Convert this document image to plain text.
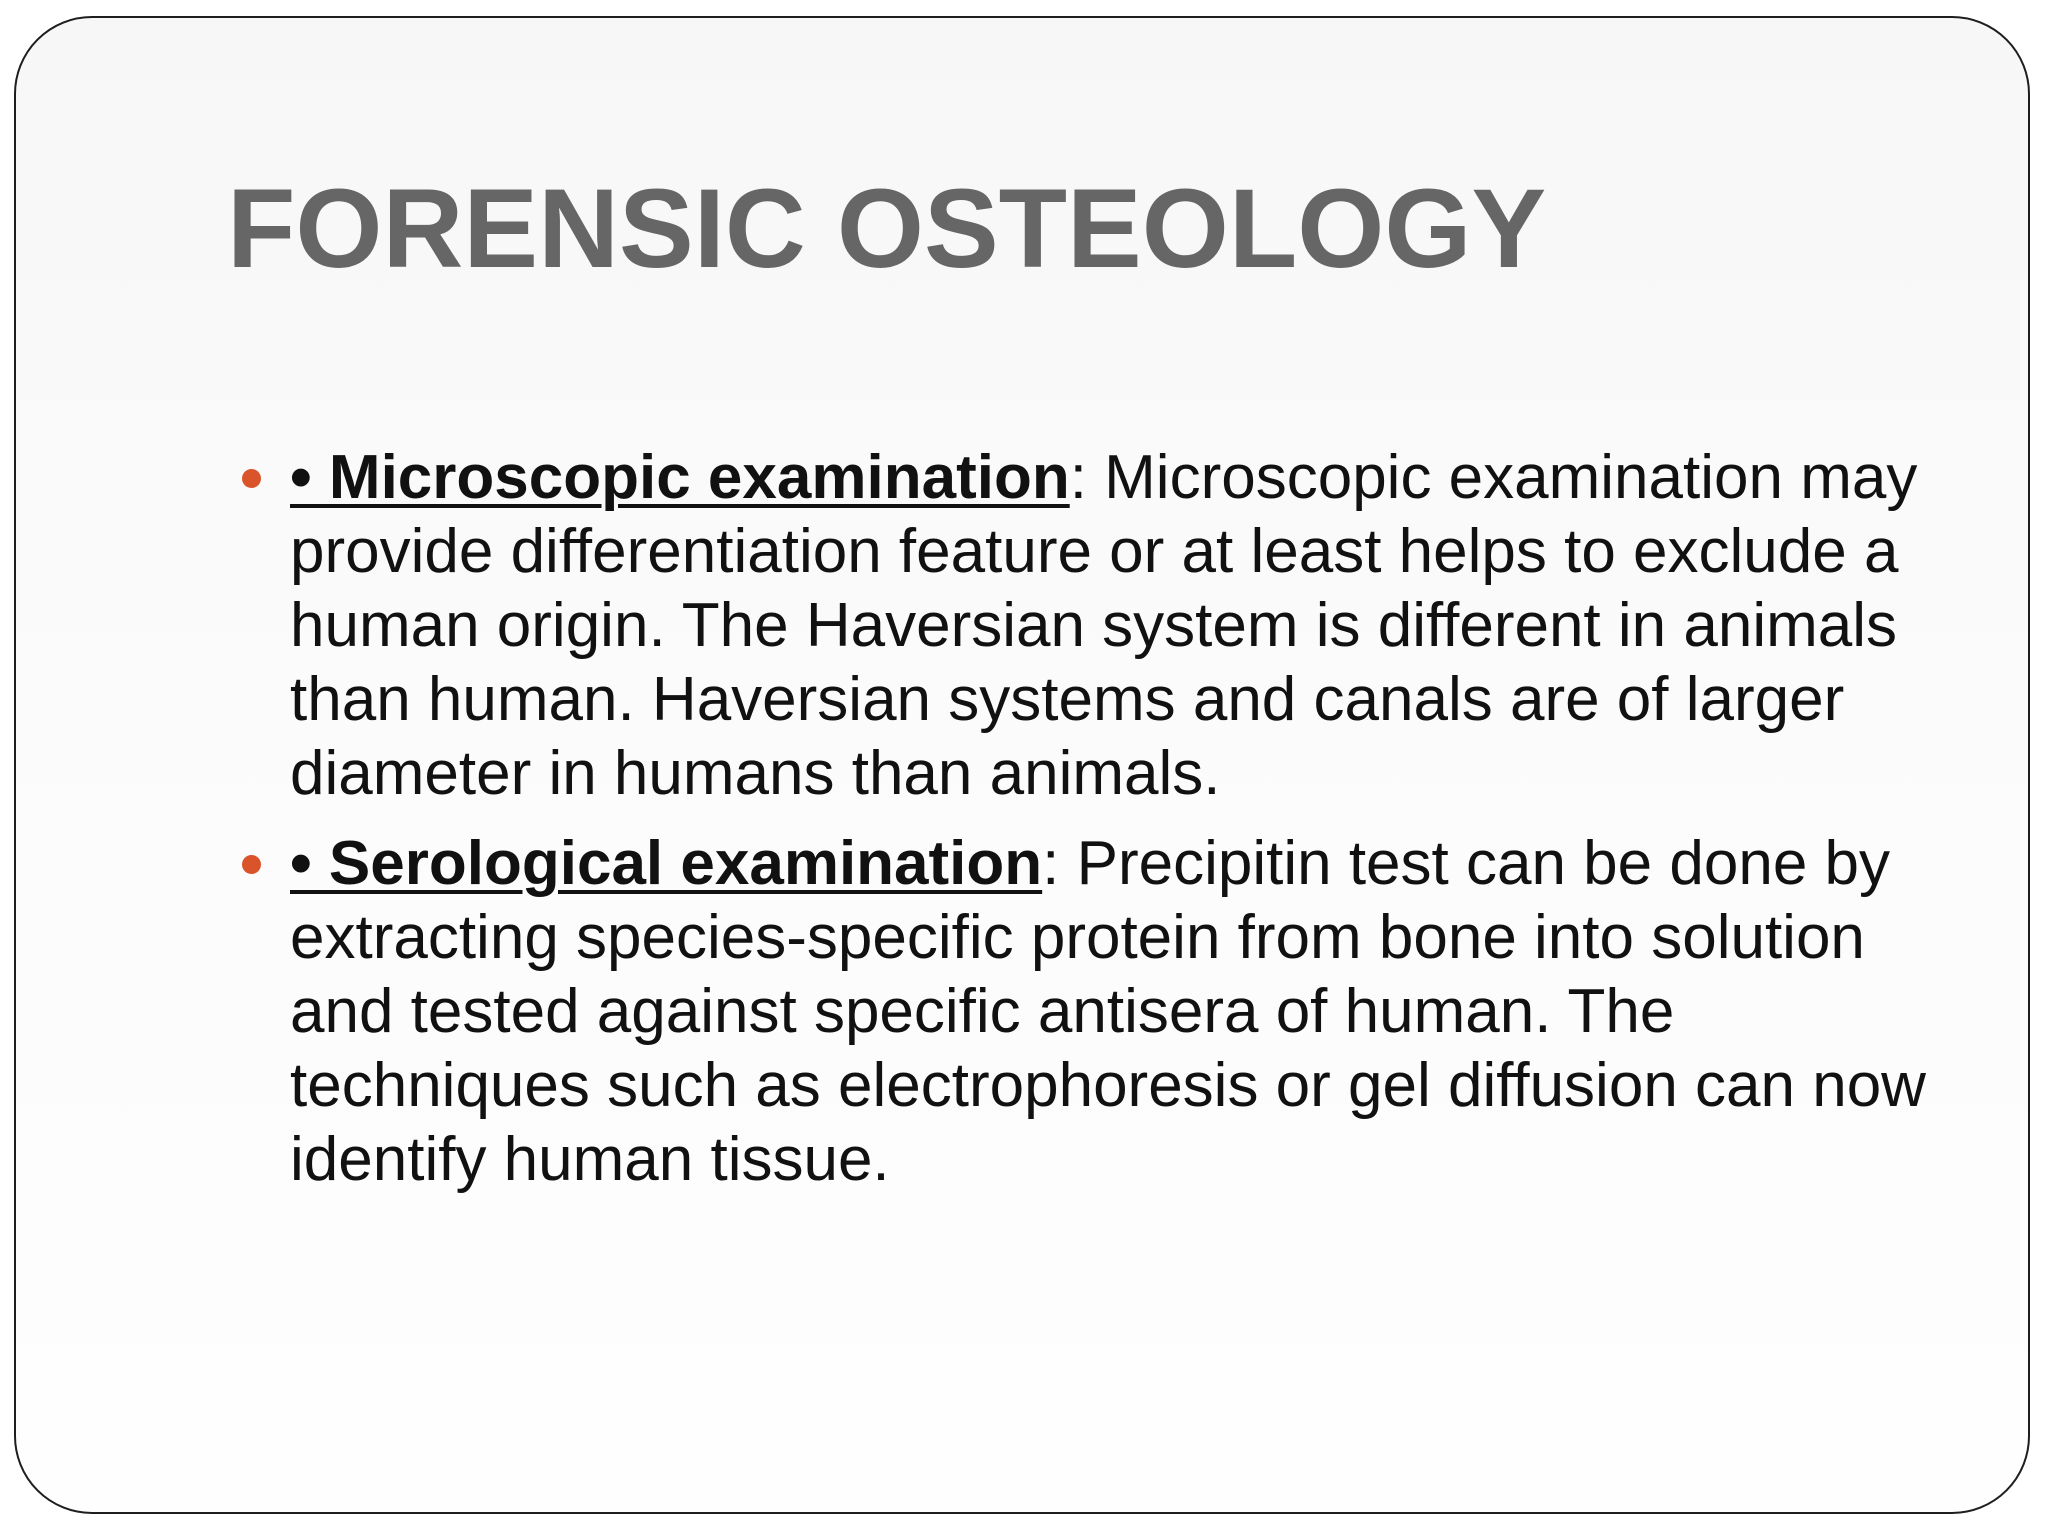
FORENSIC OSTEOLOGY
• Microscopic examination: Microscopic examination may provide differentiation feature or at least helps to exclude a human origin. The Haversian system is different in animals than human. Haversian systems and canals are of larger diameter in humans than animals.
• Serological examination: Precipitin test can be done by extracting species-specific protein from bone into solution and tested against specific antisera of human. The techniques such as electrophoresis or gel diffusion can now identify human tissue.
